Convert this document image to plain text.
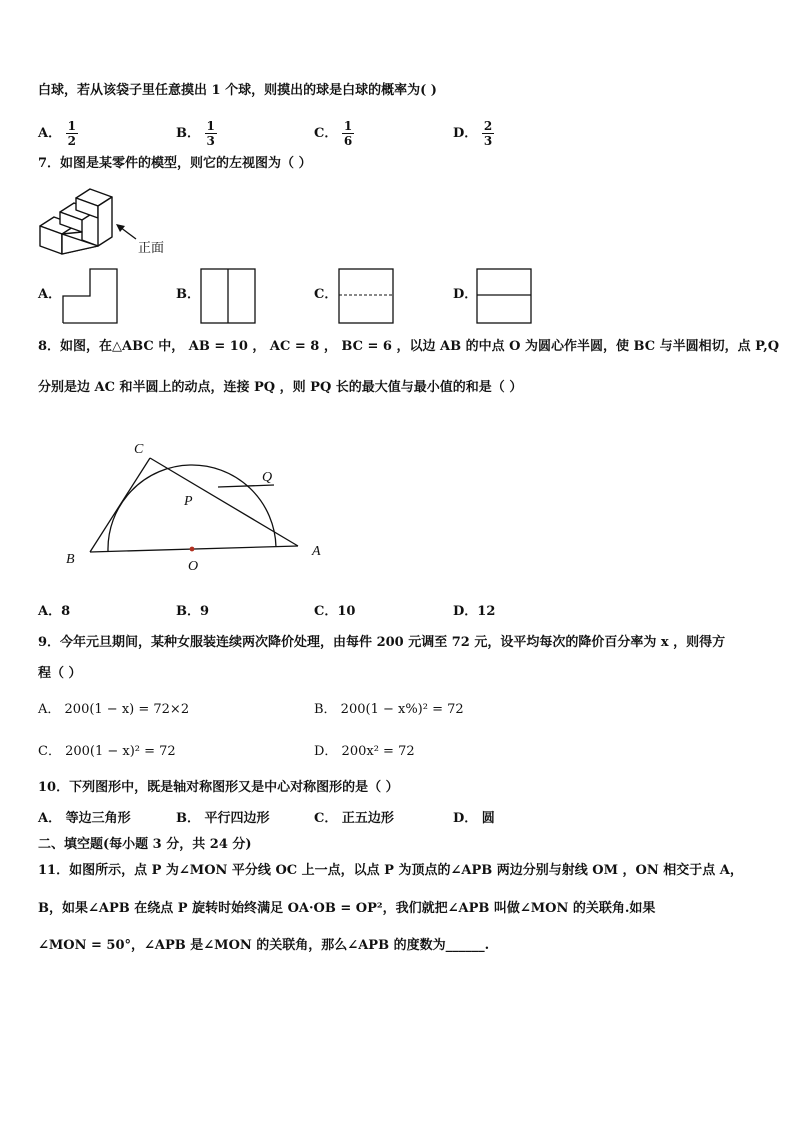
白球，若从该袋子里任意摸出 1 个球，则摸出的球是白球的概率为( )
A． $\frac{1}{2}$	B． $\frac{1}{3}$	C． $\frac{1}{6}$	D． $\frac{2}{3}$
7．如图是某零件的模型，则它的左视图为（ ）
正面
A．	B．	C．	D．
8．如图，在△ABC 中， AB = 10 ， AC = 8 ， BC = 6 ，以边 AB 的中点 O 为圆心作半圆，使 BC 与半圆相切，点 P,Q
分别是边 AC 和半圆上的动点，连接 PQ ，则 PQ 长的最大值与最小值的和是（ ）
C
Q
P
B	O
A
A．8	B．9	C．10	D．12
9．今年元旦期间，某种女服装连续两次降价处理，由每件 200 元调至 72 元，设平均每次的降价百分率为 x ，则得方
程（ ）
A． 200(1 − x) = 72×2	B． 200(1 − x%)² = 72
C． 200(1 − x)² = 72	D． 200x² = 72
10．下列图形中，既是轴对称图形又是中心对称图形的是（ ）
A． 等边三角形	B． 平行四边形	C． 正五边形	D． 圆
二、填空题(每小题 3 分，共 24 分)
11．如图所示，点 P 为∠MON 平分线 OC 上一点，以点 P 为顶点的∠APB 两边分别与射线 OM ，ON 相交于点 A，
B，如果∠APB 在绕点 P 旋转时始终满足 OA·OB = OP²，我们就把∠APB 叫做∠MON 的关联角.如果
∠MON = 50°，∠APB 是∠MON 的关联角，那么∠APB 的度数为______.
